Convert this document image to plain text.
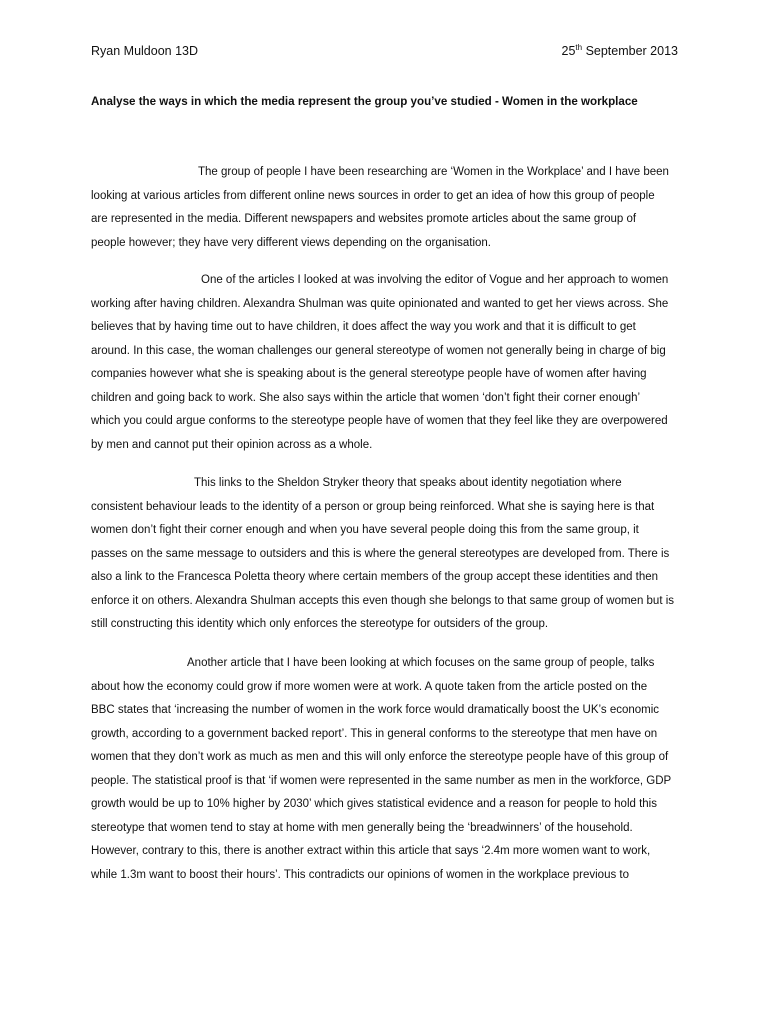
Ryan Muldoon 13D	25th September 2013
Analyse the ways in which the media represent the group you’ve studied - Women in the workplace
The group of people I have been researching are ‘Women in the Workplace’ and I have been
looking at various articles from different online news sources in order to get an idea of how this group of people
are represented in the media. Different newspapers and websites promote articles about the same group of
people however; they have very different views depending on the organisation.
One of the articles I looked at was involving the editor of Vogue and her approach to women
working after having children. Alexandra Shulman was quite opinionated and wanted to get her views across. She
believes that by having time out to have children, it does affect the way you work and that it is difficult to get
around. In this case, the woman challenges our general stereotype of women not generally being in charge of big
companies however what she is speaking about is the general stereotype people have of women after having
children and going back to work. She also says within the article that women ‘don’t fight their corner enough’
which you could argue conforms to the stereotype people have of women that they feel like they are overpowered
by men and cannot put their opinion across as a whole.
This links to the Sheldon Stryker theory that speaks about identity negotiation where
consistent behaviour leads to the identity of a person or group being reinforced. What she is saying here is that
women don’t fight their corner enough and when you have several people doing this from the same group, it
passes on the same message to outsiders and this is where the general stereotypes are developed from. There is
also a link to the Francesca Poletta theory where certain members of the group accept these identities and then
enforce it on others. Alexandra Shulman accepts this even though she belongs to that same group of women but is
still constructing this identity which only enforces the stereotype for outsiders of the group.
Another article that I have been looking at which focuses on the same group of people, talks
about how the economy could grow if more women were at work. A quote taken from the article posted on the
BBC states that ‘increasing the number of women in the work force would dramatically boost the UK’s economic
growth, according to a government backed report’. This in general conforms to the stereotype that men have on
women that they don’t work as much as men and this will only enforce the stereotype people have of this group of
people. The statistical proof is that ‘if women were represented in the same number as men in the workforce, GDP
growth would be up to 10% higher by 2030’ which gives statistical evidence and a reason for people to hold this
stereotype that women tend to stay at home with men generally being the ‘breadwinners’ of the household.
However, contrary to this, there is another extract within this article that says ‘2.4m more women want to work,
while 1.3m want to boost their hours’. This contradicts our opinions of women in the workplace previous to
